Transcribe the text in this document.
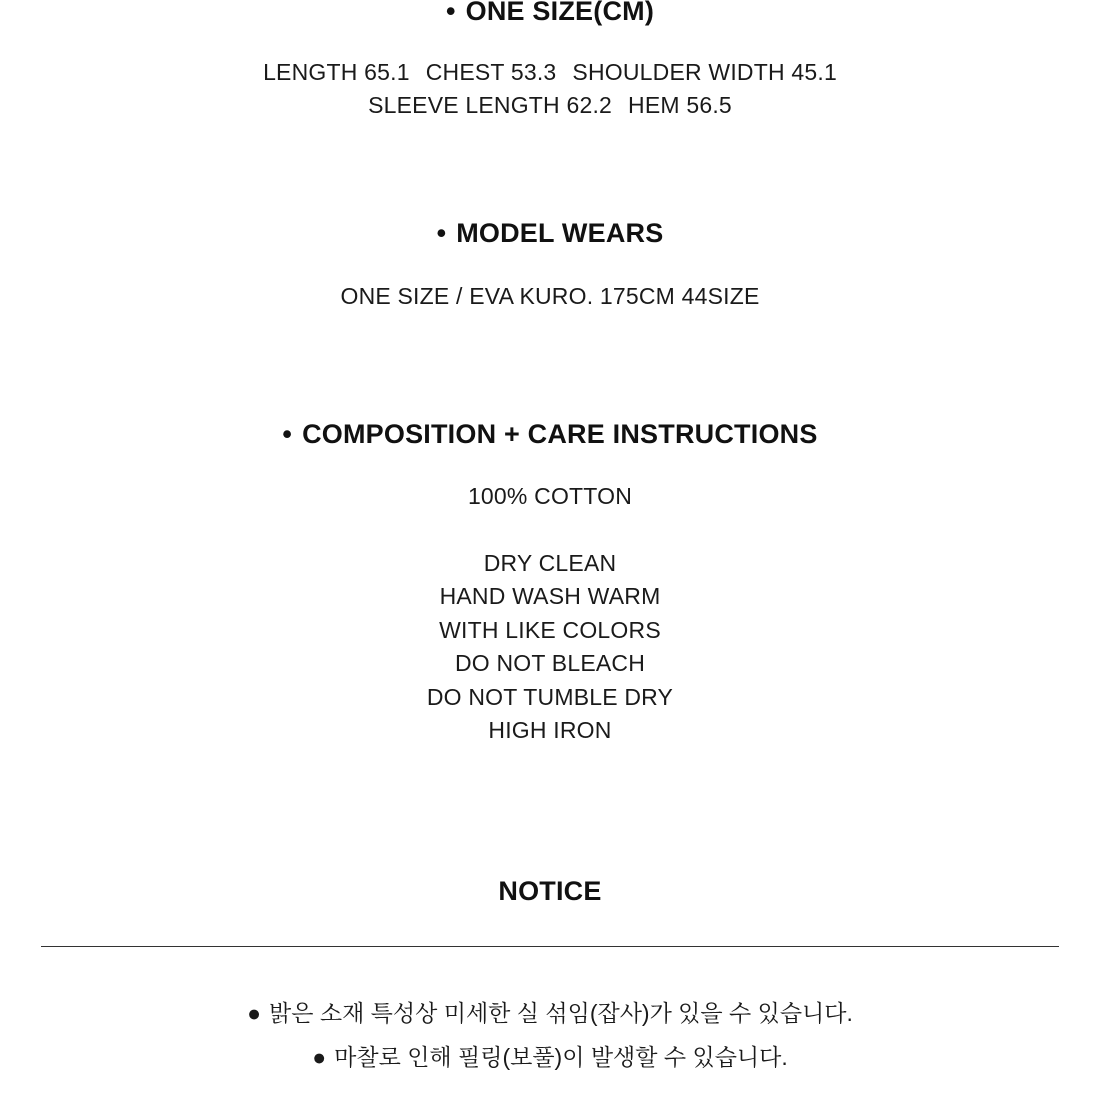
• ONE SIZE(CM)
LENGTH 65.1 CHEST 53.3 SHOULDER WIDTH 45.1
SLEEVE LENGTH 62.2 HEM 56.5
• MODEL WEARS
ONE SIZE / EVA KURO. 175CM 44SIZE
• COMPOSITION + CARE INSTRUCTIONS
100% COTTON
DRY CLEAN
HAND WASH WARM
WITH LIKE COLORS
DO NOT BLEACH
DO NOT TUMBLE DRY
HIGH IRON
NOTICE
● 밝은 소재 특성상 미세한 실 섞임(잡사)가 있을 수 있습니다.
● 마찰로 인해 필링(보풀)이 발생할 수 있습니다.
